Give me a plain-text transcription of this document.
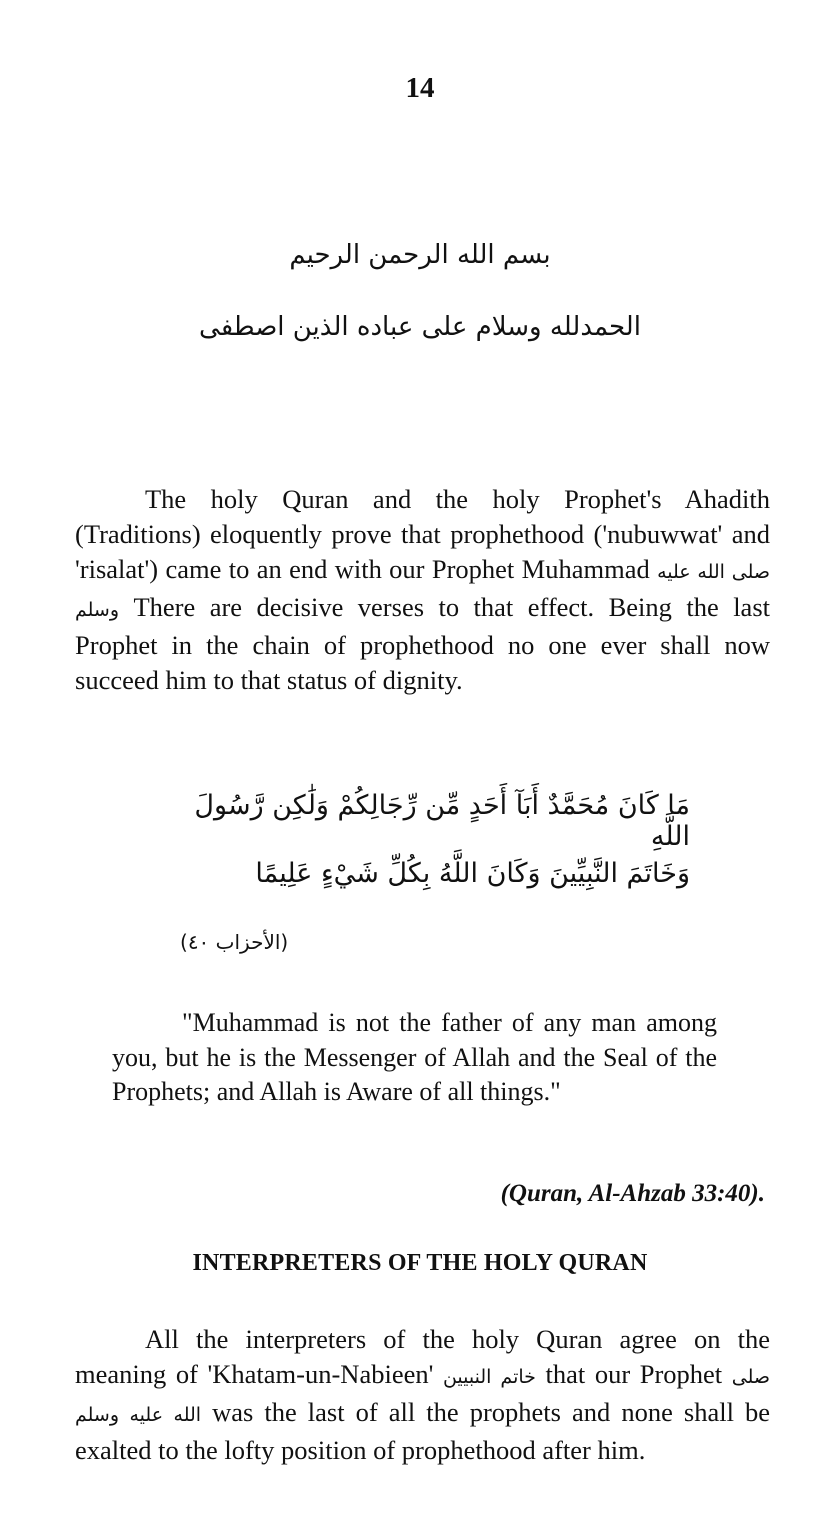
14
بسم الله الرحمن الرحيم
الحمدلله وسلام على عباده الذين اصطفى

The holy Quran and the holy Prophet's Ahadith (Traditions) eloquently prove that prophethood ('nubuwwat' and 'risalat') came to an end with our Prophet Muhammad صلى الله عليه وسلم There are decisive verses to that effect. Being the last Prophet in the chain of prophethood no one ever shall now succeed him to that status of dignity.

مَا كَانَ مُحَمَّدٌ أَبَآ أَحَدٍ مِّن رِّجَالِكُمْ وَلَٰكِن رَّسُولَ اللَّهِ
وَخَاتَمَ النَّبِيِّينَ وَكَانَ اللَّهُ بِكُلِّ شَيْءٍ عَلِيمًا
(الأحزاب ٤٠)

"Muhammad is not the father of any man among you, but he is the Messenger of Allah and the Seal of the Prophets; and Allah is Aware of all things."

(Quran, Al-Ahzab 33:40).
INTERPRETERS OF THE HOLY QURAN

All the interpreters of the holy Quran agree on the meaning of 'Khatam-un-Nabieen' خاتم النبيين that our Prophet صلى الله عليه وسلم was the last of all the prophets and none shall be exalted to the lofty position of prophethood after him.
